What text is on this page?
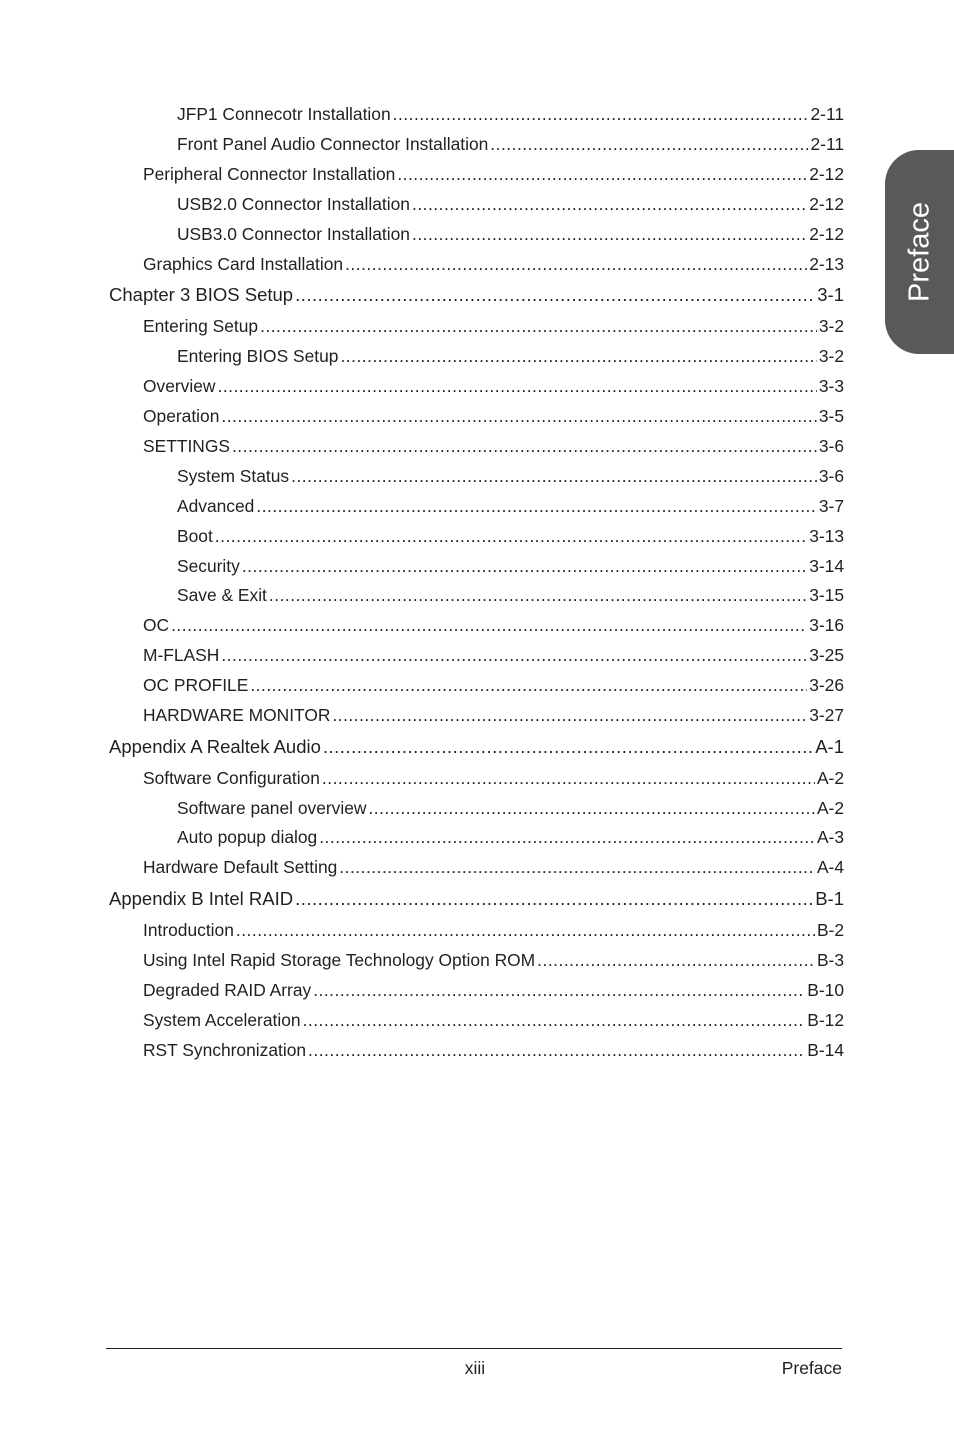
Preface
JFP1 Connecotr Installation .....	2-11
Front Panel Audio Connector Installation .....	2-11
Peripheral Connector Installation .....	2-12
USB2.0 Connector Installation .....	2-12
USB3.0 Connector Installation .....	2-12
Graphics Card Installation .....	2-13
Chapter 3 BIOS Setup .....	3-1
Entering Setup .....	3-2
Entering BIOS Setup .....	3-2
Overview .....	3-3
Operation .....	3-5
SETTINGS .....	3-6
System Status .....	3-6
Advanced .....	3-7
Boot .....	3-13
Security .....	3-14
Save & Exit .....	3-15
OC .....	3-16
M-FLASH .....	3-25
OC PROFILE .....	3-26
HARDWARE MONITOR .....	3-27
Appendix A Realtek Audio .....	A-1
Software Configuration .....	A-2
Software panel overview .....	A-2
Auto popup dialog .....	A-3
Hardware Default Setting .....	A-4
Appendix B Intel RAID .....	B-1
Introduction .....	B-2
Using Intel Rapid Storage Technology Option ROM .....	B-3
Degraded RAID Array .....	B-10
System Acceleration .....	B-12
RST Synchronization .....	B-14
xiii	Preface
